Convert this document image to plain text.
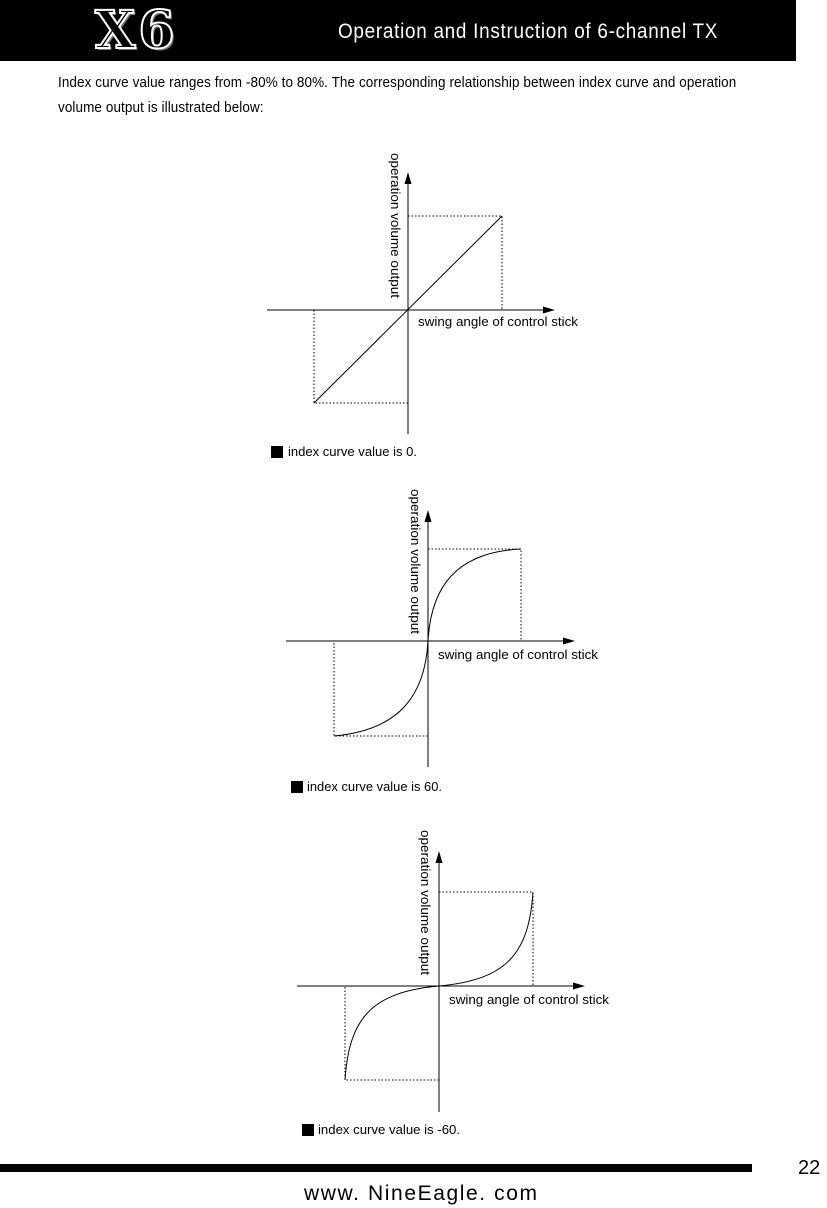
X6	Operation and Instruction of 6-channel TX
Index curve value ranges from -80% to 80%. The corresponding relationship between index curve and operation
volume output is illustrated below:
operation volume output
swing angle of control stick
index curve value is 0.
operation volume output
swing angle of control stick
index curve value is 60.
operation volume output
swing angle of control stick
index curve value is -60.
22
www. NineEagle. com
